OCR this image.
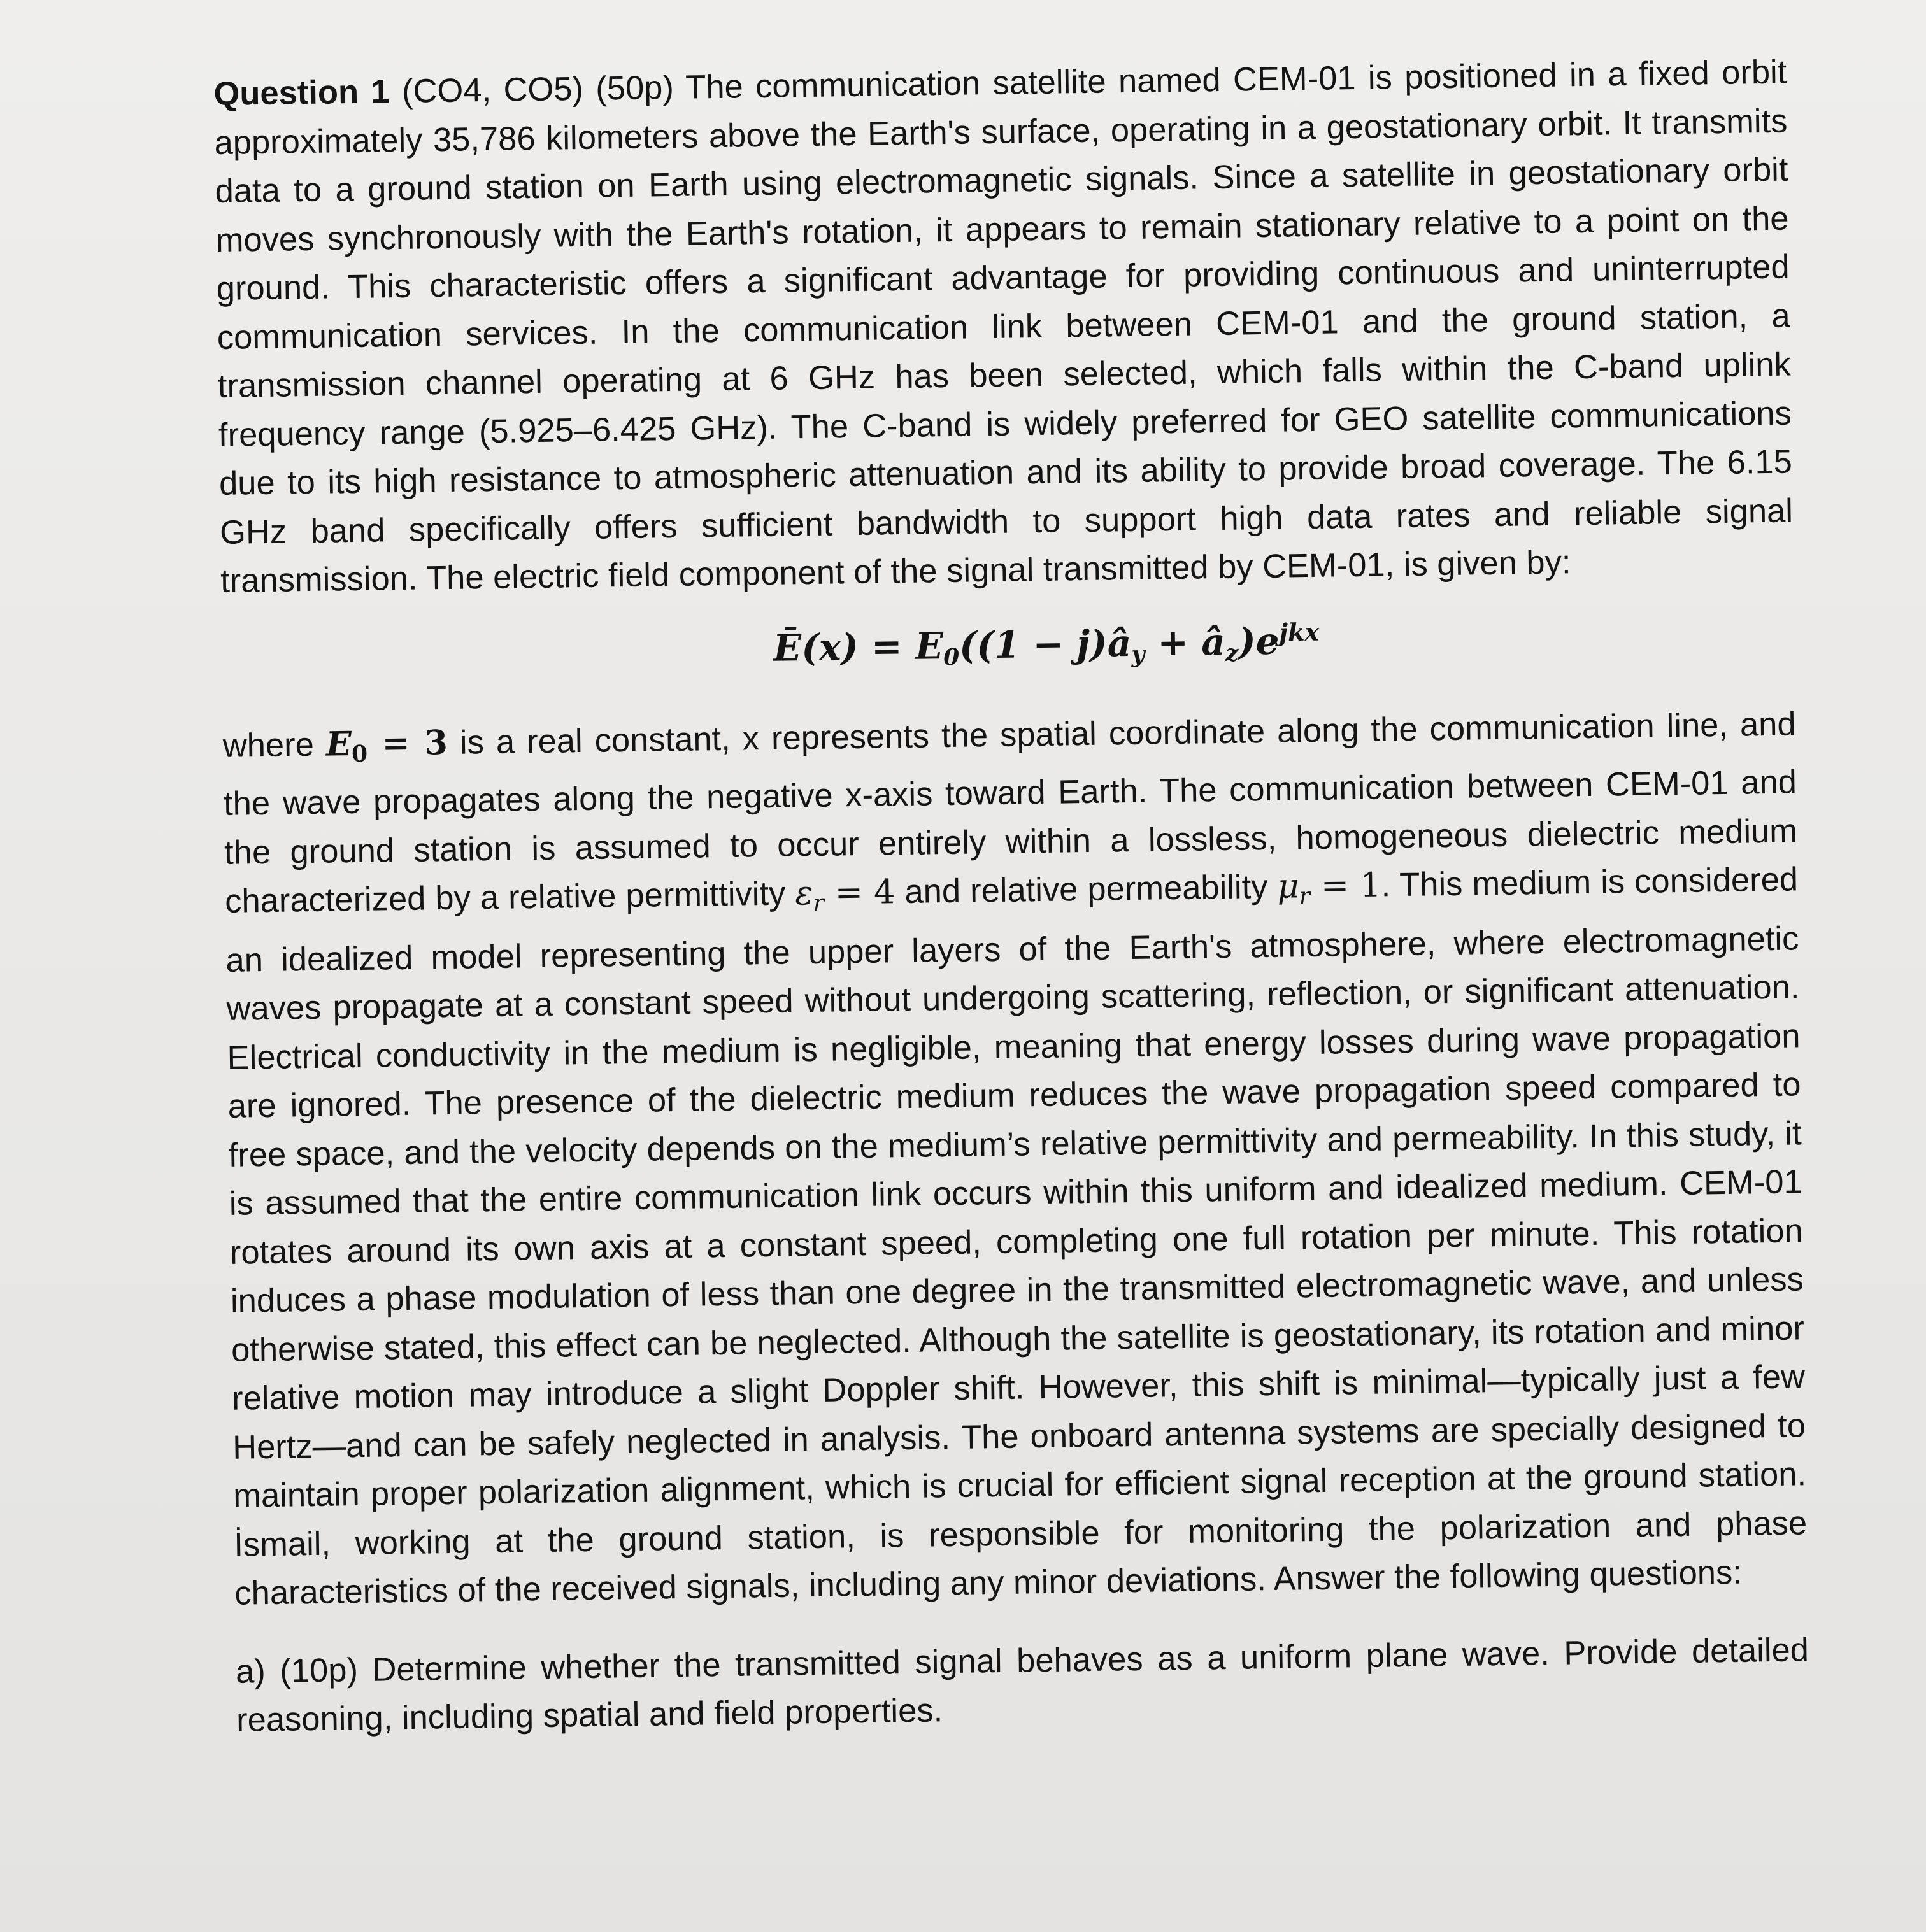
Question 1 (CO4, CO5) (50p) The communication satellite named CEM-01 is positioned in a fixed orbit approximately 35,786 kilometers above the Earth's surface, operating in a geostationary orbit. It transmits data to a ground station on Earth using electromagnetic signals. Since a satellite in geostationary orbit moves synchronously with the Earth's rotation, it appears to remain stationary relative to a point on the ground. This characteristic offers a significant advantage for providing continuous and uninterrupted communication services. In the communication link between CEM-01 and the ground station, a transmission channel operating at 6 GHz has been selected, which falls within the C-band uplink frequency range (5.925–6.425 GHz). The C-band is widely preferred for GEO satellite communications due to its high resistance to atmospheric attenuation and its ability to provide broad coverage. The 6.15 GHz band specifically offers sufficient bandwidth to support high data rates and reliable signal transmission. The electric field component of the signal transmitted by CEM-01, is given by:

Ē(x) = $E_0((1$ − $j)â_y$ + $â_z)e^{jkx}$

where $E_0 = 3$ is a real constant, x represents the spatial coordinate along the communication line, and the wave propagates along the negative x-axis toward Earth. The communication between CEM-01 and the ground station is assumed to occur entirely within a lossless, homogeneous dielectric medium characterized by a relative permittivity $\varepsilon_r = 4$ and relative permeability $\mu_r = 1$. This medium is considered an idealized model representing the upper layers of the Earth's atmosphere, where electromagnetic waves propagate at a constant speed without undergoing scattering, reflection, or significant attenuation. Electrical conductivity in the medium is negligible, meaning that energy losses during wave propagation are ignored. The presence of the dielectric medium reduces the wave propagation speed compared to free space, and the velocity depends on the medium’s relative permittivity and permeability. In this study, it is assumed that the entire communication link occurs within this uniform and idealized medium. CEM-01 rotates around its own axis at a constant speed, completing one full rotation per minute. This rotation induces a phase modulation of less than one degree in the transmitted electromagnetic wave, and unless otherwise stated, this effect can be neglected. Although the satellite is geostationary, its rotation and minor relative motion may introduce a slight Doppler shift. However, this shift is minimal—typically just a few Hertz—and can be safely neglected in analysis. The onboard antenna systems are specially designed to maintain proper polarization alignment, which is crucial for efficient signal reception at the ground station. İsmail, working at the ground station, is responsible for monitoring the polarization and phase characteristics of the received signals, including any minor deviations. Answer the following questions:

a) (10p) Determine whether the transmitted signal behaves as a uniform plane wave. Provide detailed reasoning, including spatial and field properties.
